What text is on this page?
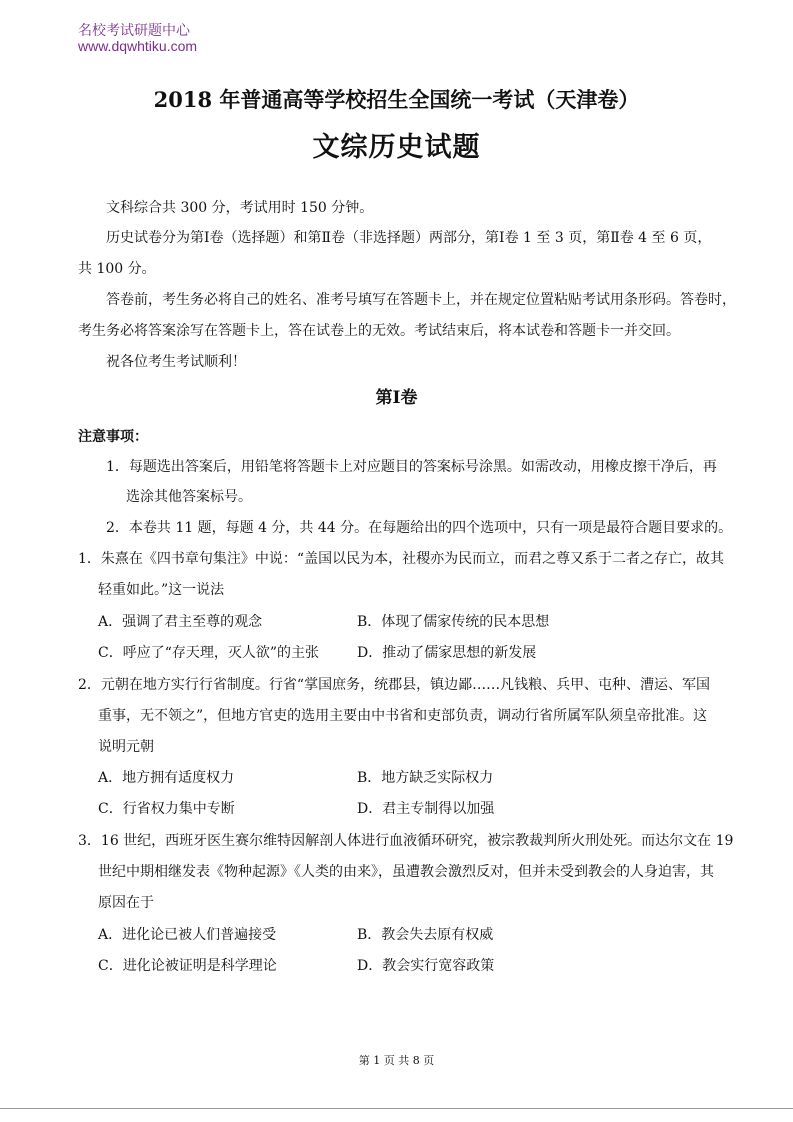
名校考试研题中心
www.dqwhtiku.com
2018 年普通高等学校招生全国统一考试（天津卷）
文综历史试题
文科综合共 300 分，考试用时 150 分钟。
历史试卷分为第Ⅰ卷（选择题）和第Ⅱ卷（非选择题）两部分，第Ⅰ卷 1 至 3 页，第Ⅱ卷 4 至 6 页，
共 100 分。
答卷前，考生务必将自己的姓名、准考号填写在答题卡上，并在规定位置粘贴考试用条形码。答卷时，
考生务必将答案涂写在答题卡上，答在试卷上的无效。考试结束后，将本试卷和答题卡一并交回。
祝各位考生考试顺利！
第Ⅰ卷
注意事项：
1．每题选出答案后，用铅笔将答题卡上对应题目的答案标号涂黑。如需改动，用橡皮擦干净后，再
选涂其他答案标号。
2．本卷共 11 题，每题 4 分，共 44 分。在每题给出的四个选项中，只有一项是最符合题目要求的。
1．朱熹在《四书章句集注》中说：“盖国以民为本，社稷亦为民而立，而君之尊又系于二者之存亡，故其
轻重如此。”这一说法
A．强调了君主至尊的观念	B．体现了儒家传统的民本思想
C．呼应了“存天理，灭人欲”的主张	D．推动了儒家思想的新发展
2．元朝在地方实行行省制度。行省“掌国庶务，统郡县，镇边鄙……凡钱粮、兵甲、屯种、漕运、军国
重事，无不领之”，但地方官吏的选用主要由中书省和吏部负责，调动行省所属军队须皇帝批准。这
说明元朝
A．地方拥有适度权力	B．地方缺乏实际权力
C．行省权力集中专断	D．君主专制得以加强
3．16 世纪，西班牙医生赛尔维特因解剖人体进行血液循环研究，被宗教裁判所火刑处死。而达尔文在 19
世纪中期相继发表《物种起源》《人类的由来》，虽遭教会激烈反对，但并未受到教会的人身迫害，其
原因在于
A．进化论已被人们普遍接受	B．教会失去原有权威
C．进化论被证明是科学理论	D．教会实行宽容政策
第 1 页 共 8 页
